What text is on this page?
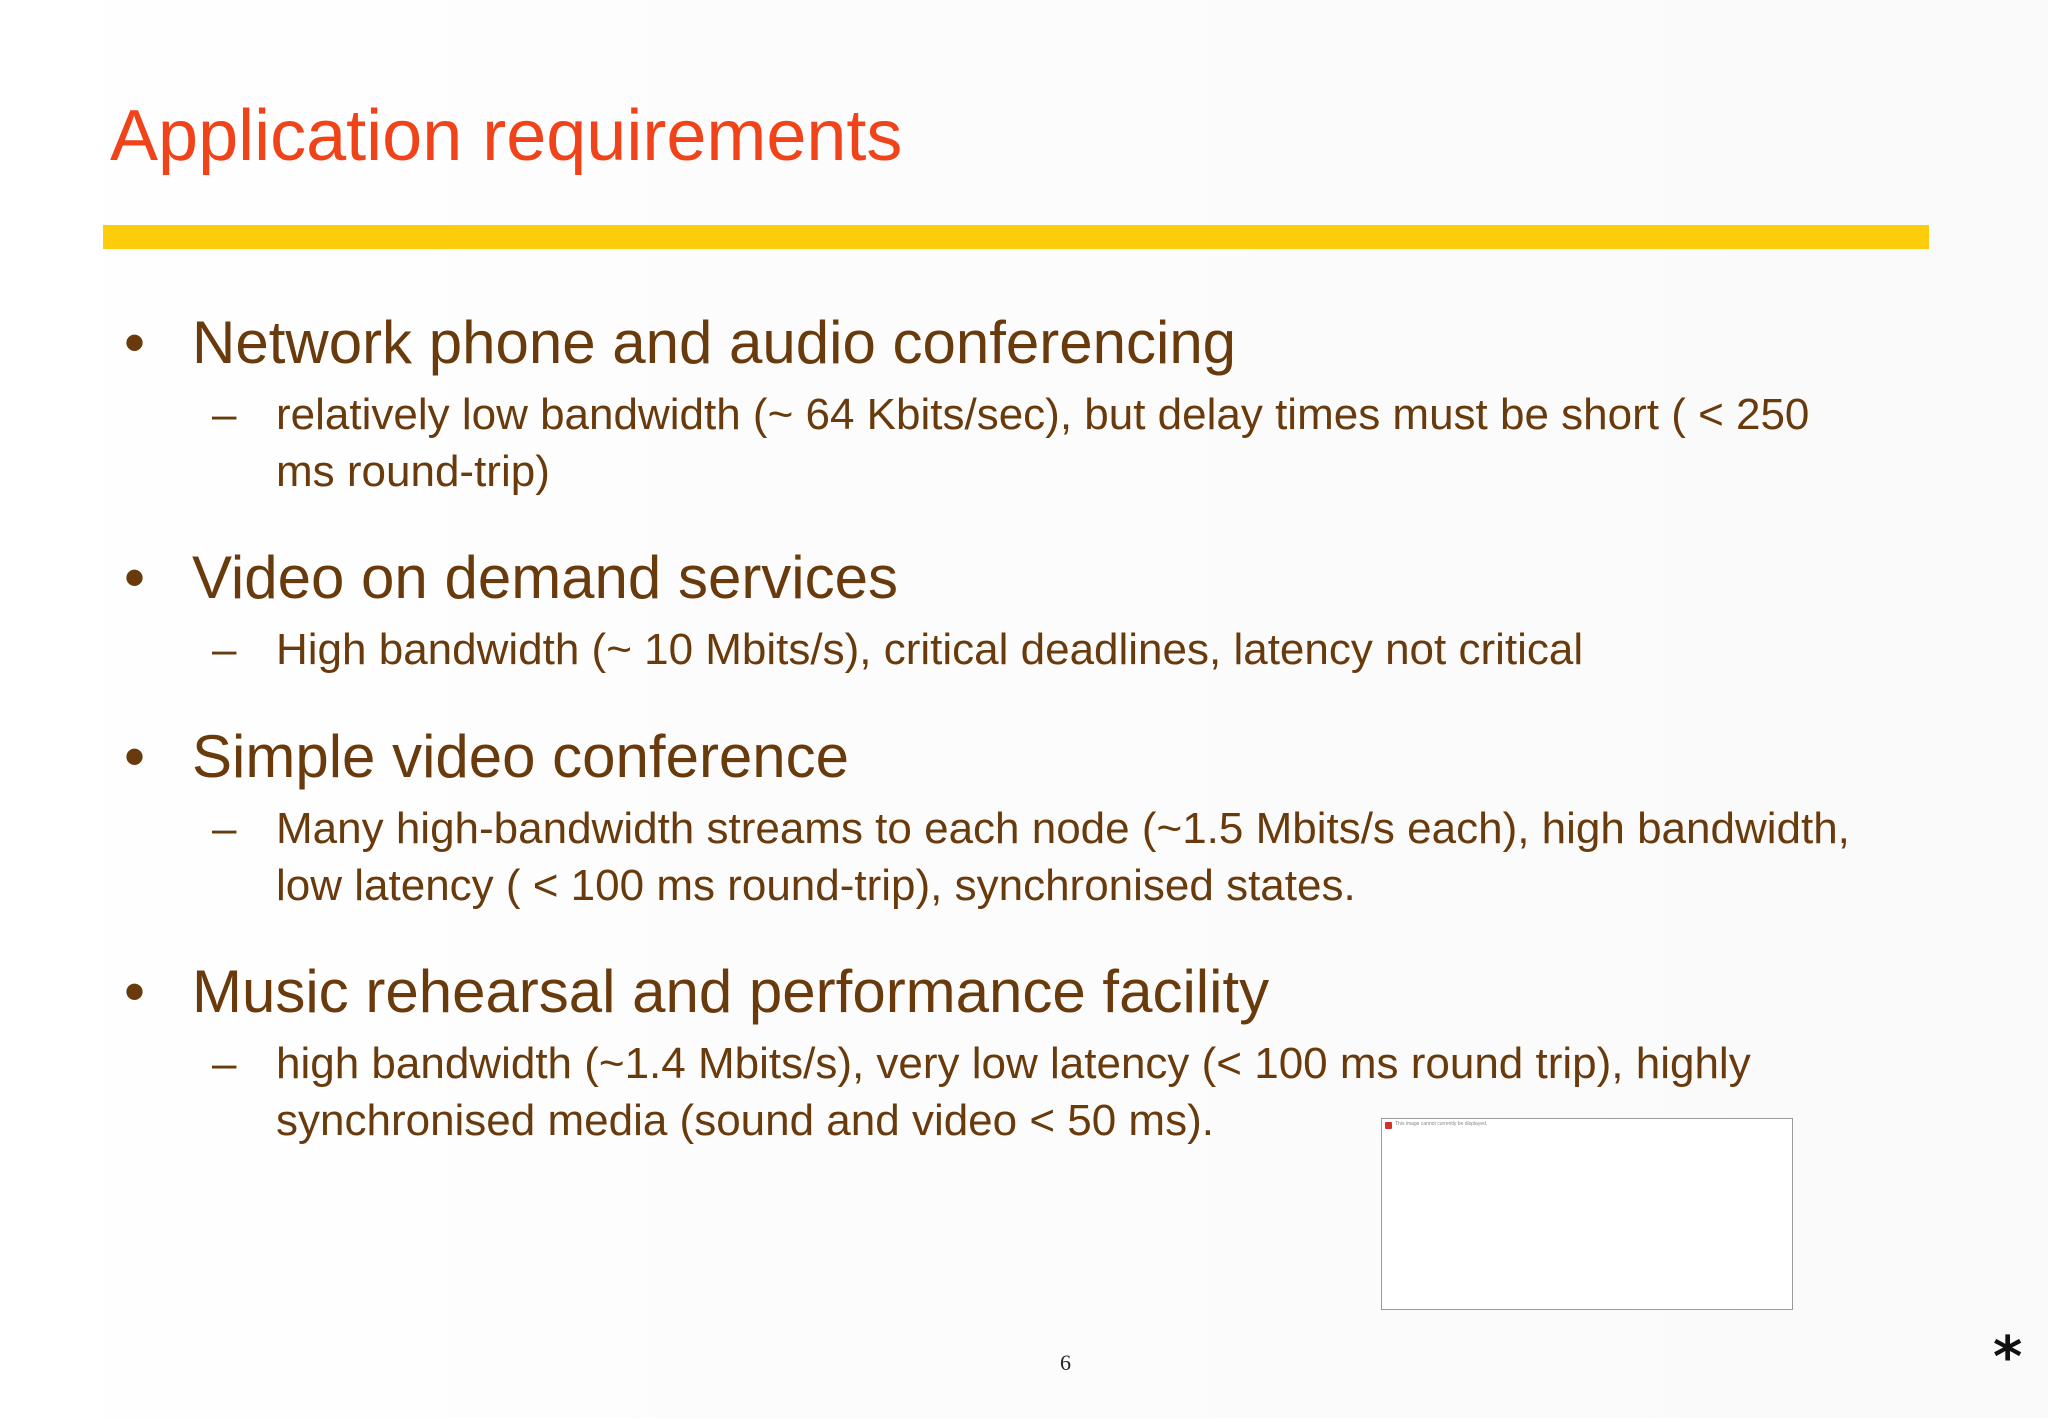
Application requirements
• Network phone and audio conferencing
– relatively low bandwidth (~ 64 Kbits/sec), but delay times must be short ( < 250 ms round-trip)
• Video on demand services
– High bandwidth (~ 10 Mbits/s), critical deadlines, latency not critical
• Simple video conference
– Many high-bandwidth streams to each node (~1.5 Mbits/s each), high bandwidth, low latency ( < 100 ms round-trip), synchronised states.
• Music rehearsal and performance facility
– high bandwidth (~1.4 Mbits/s), very low latency (< 100 ms round trip), highly synchronised media (sound and video < 50 ms).	This image cannot currently be displayed.
6	*
